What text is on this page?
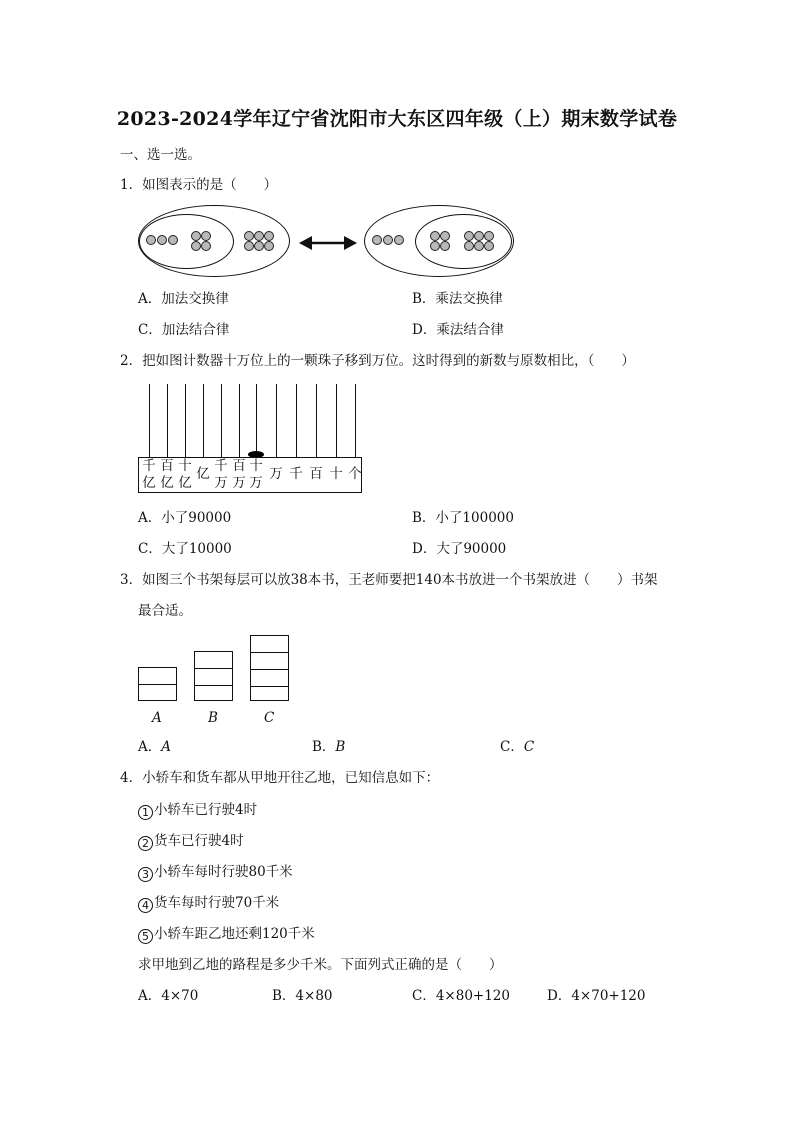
2023-2024学年辽宁省沈阳市大东区四年级（上）期末数学试卷
一、选一选。
1．如图表示的是（　　）
A．加法交换律	B．乘法交换律
C．加法结合律	D．乘法结合律
2．把如图计数器十万位上的一颗珠子移到万位。这时得到的新数与原数相比，（　　）
千
亿
百
亿
十
亿
亿 千
万
百
万
十
万
万 千 百 十 个
A．小了90000	B．小了100000
C．大了10000	D．大了90000
3．如图三个书架每层可以放38本书，王老师要把140本书放进一个书架放进（　　）书架
最合适。
A	B	C
A．A	B．B	C．C
4．小轿车和货车都从甲地开往乙地，已知信息如下：
1 小轿车已行驶4时
2 货车已行驶4时
3 小轿车每时行驶80千米
4 货车每时行驶70千米
5 小轿车距乙地还剩120千米
求甲地到乙地的路程是多少千米。下面列式正确的是（　　）
A．4×70	B．4×80	C．4×80+120	D．4×70+120
